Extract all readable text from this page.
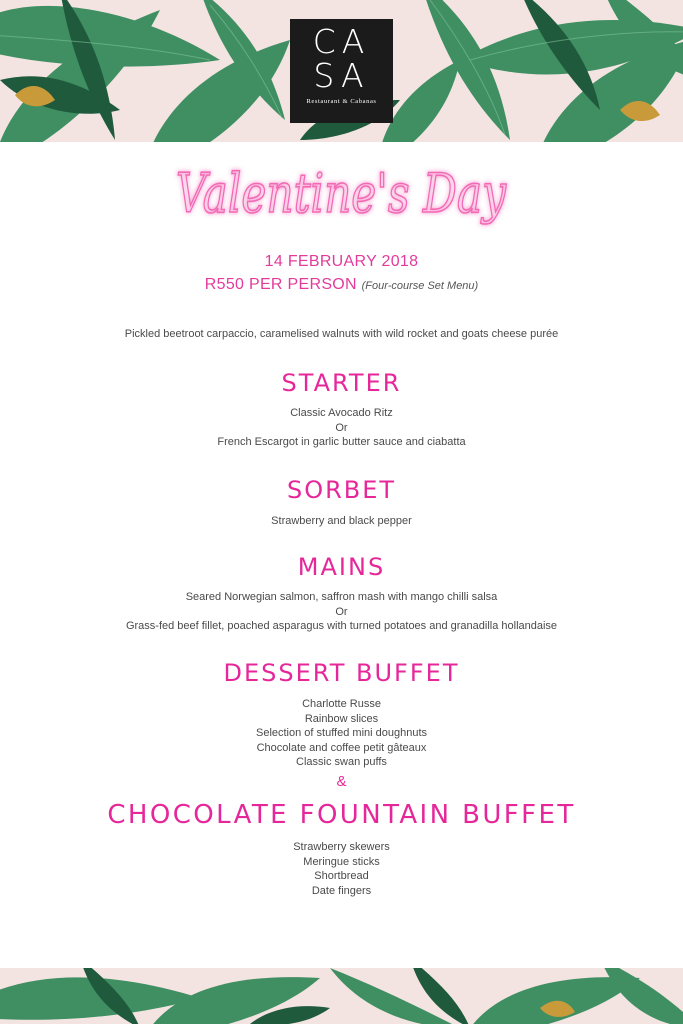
CA
SA
Restaurant & Cabanas
Valentine's Day
14 FEBRUARY 2018
R550 PER PERSON (Four-course Set Menu)
Pickled beetroot carpaccio, caramelised walnuts with wild rocket and goats cheese purée
STARTER
Classic Avocado Ritz
Or
French Escargot in garlic butter sauce and ciabatta
SORBET
Strawberry and black pepper
MAINS
Seared Norwegian salmon, saffron mash with mango chilli salsa
Or
Grass-fed beef fillet, poached asparagus with turned potatoes and granadilla hollandaise
DESSERT BUFFET
Charlotte Russe
Rainbow slices
Selection of stuffed mini doughnuts
Chocolate and coffee petit gâteaux
Classic swan puffs
&
CHOCOLATE FOUNTAIN BUFFET
Strawberry skewers
Meringue sticks
Shortbread
Date fingers
